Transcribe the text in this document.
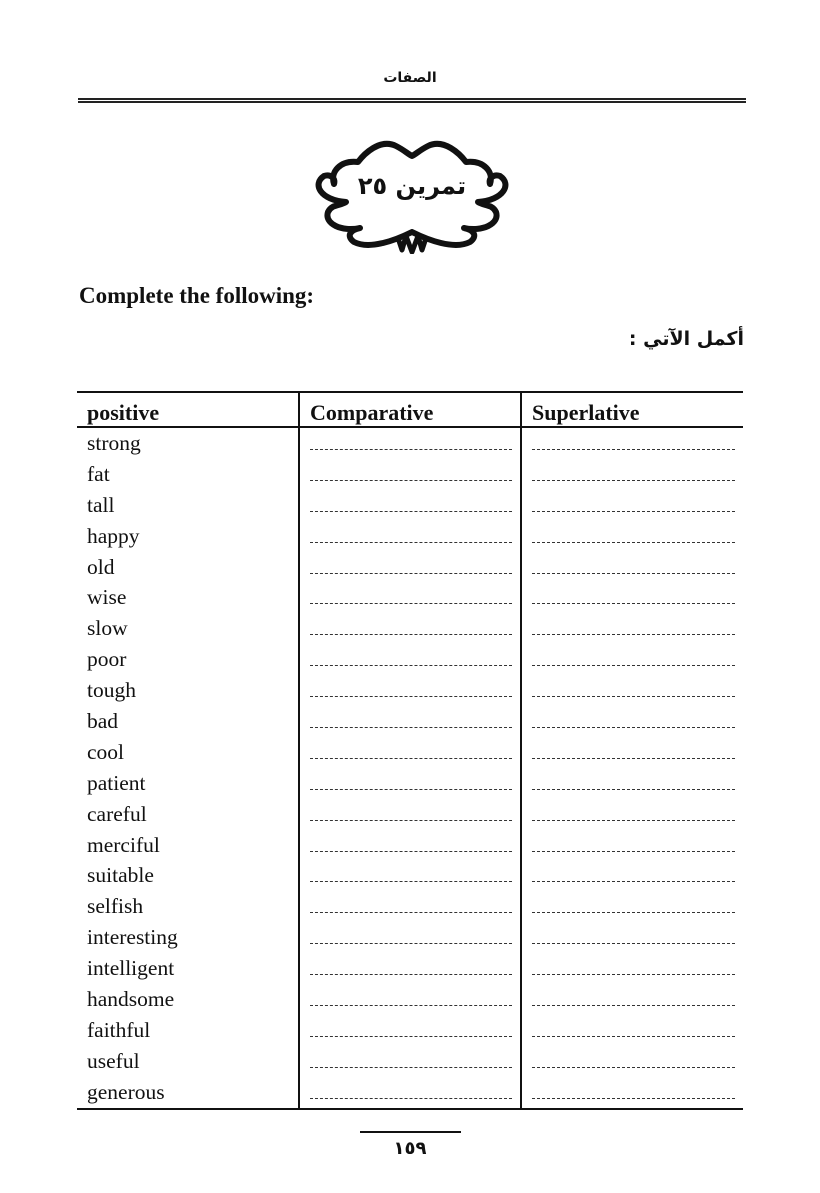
الصفات
تمرين ٢٥
Complete the following:
أكمل الآتي :
positive	Comparative	Superlative
strong	

fat	

tall	

happy	

old	

wise	

slow	

poor	

tough	

bad	

cool	

patient	

careful	

merciful	

suitable	

selfish	

interesting	

intelligent	

handsome	

faithful	

useful	

generous	

١٥٩
